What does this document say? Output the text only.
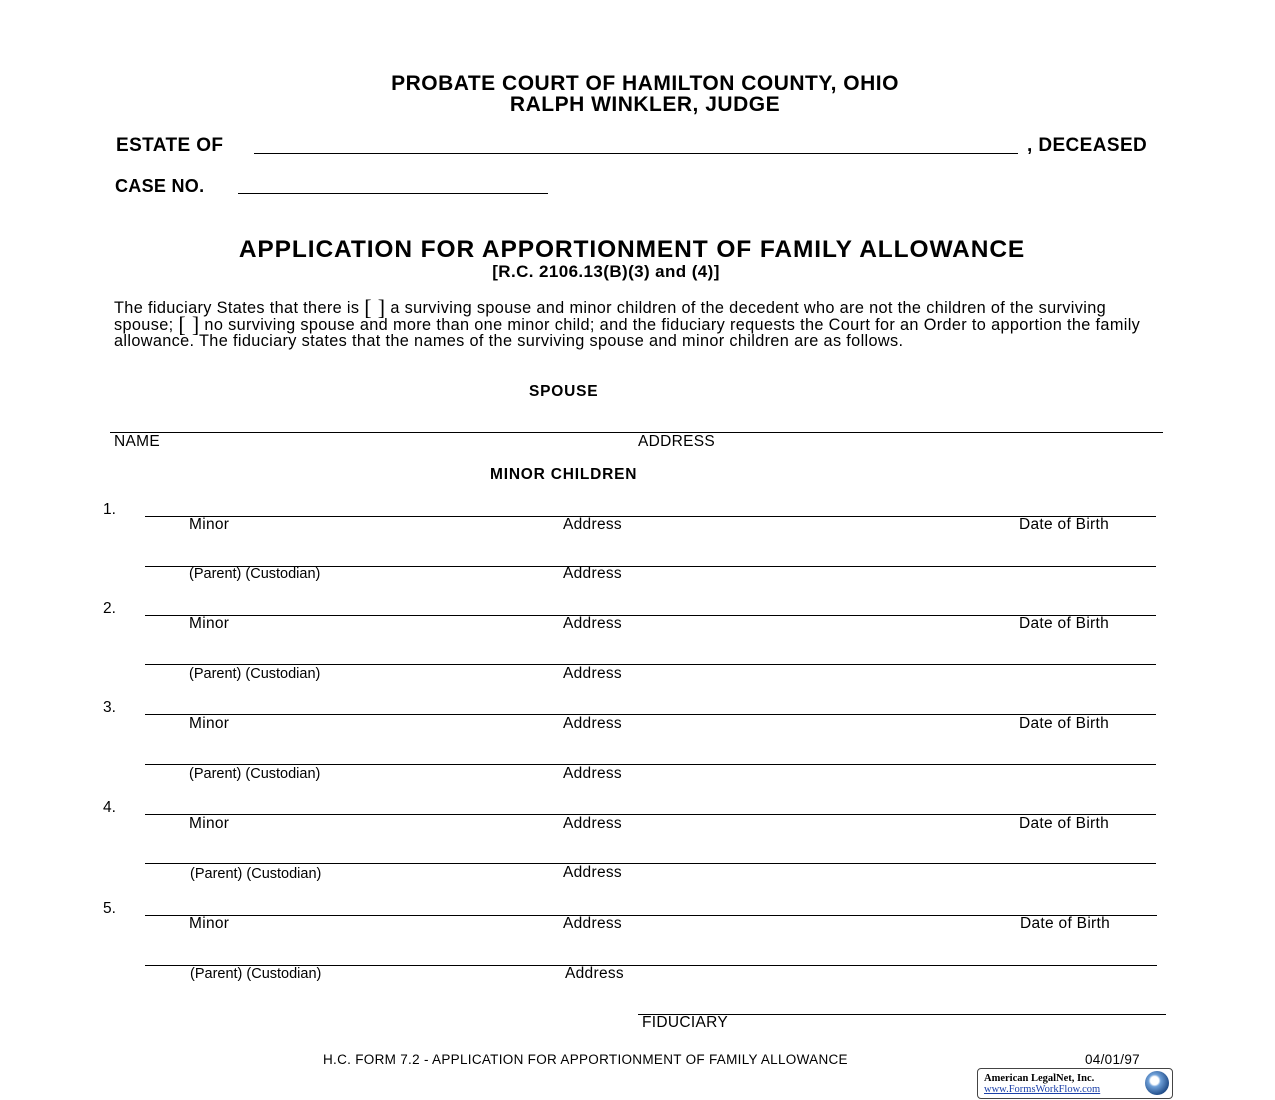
PROBATE COURT OF HAMILTON COUNTY, OHIO
RALPH WINKLER, JUDGE
ESTATE OF	, DECEASED
CASE NO.
APPLICATION FOR APPORTIONMENT OF FAMILY ALLOWANCE
[R.C. 2106.13(B)(3) and (4)]
The fiduciary States that there is [ ] a surviving spouse and minor children of the decedent who are not the children of the surviving spouse; [ ] no surviving spouse and more than one minor child; and the fiduciary requests the Court for an Order to apportion the family allowance. The fiduciary states that the names of the surviving spouse and minor children are as follows.
SPOUSE
NAME	ADDRESS
MINOR CHILDREN
1.
Minor	Address	Date of Birth
(Parent) (Custodian)	Address
2.
Minor	Address	Date of Birth
(Parent) (Custodian)	Address
3.
Minor	Address	Date of Birth
(Parent) (Custodian)	Address
4.
Minor	Address	Date of Birth
(Parent) (Custodian)	Address
5.
Minor	Address	Date of Birth
(Parent) (Custodian)	Address
FIDUCIARY
H.C. FORM 7.2 - APPLICATION FOR APPORTIONMENT OF FAMILY ALLOWANCE	04/01/97
American LegalNet, Inc.
www.FormsWorkFlow.com
